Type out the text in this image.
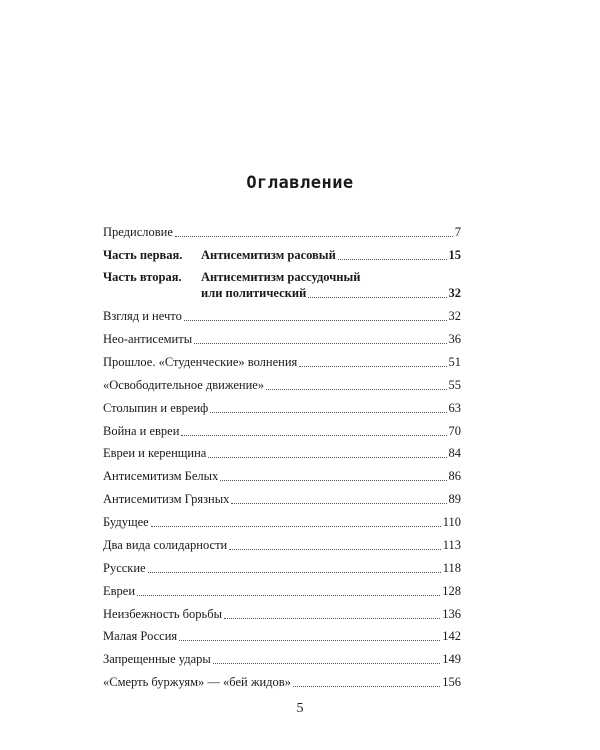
Оглавление
Предисловие	7
Часть первая.	Антисемитизм расовый	15
Часть вторая.	Антисемитизм рассудочный
или политический	32
Взгляд и нечто	32
Нео-антисемиты	36
Прошлое. «Студенческие» волнения	51
«Освободительное движение»	55
Столыпин и евреиф	63
Война и евреи	70
Евреи и керенщина	84
Антисемитизм Белых	86
Антисемитизм Грязных	89
Будущее	110
Два вида солидарности	113
Русские	118
Евреи	128
Неизбежность борьбы	136
Малая Россия	142
Запрещенные удары	149
«Смерть буржуям» — «бей жидов»	156
5
